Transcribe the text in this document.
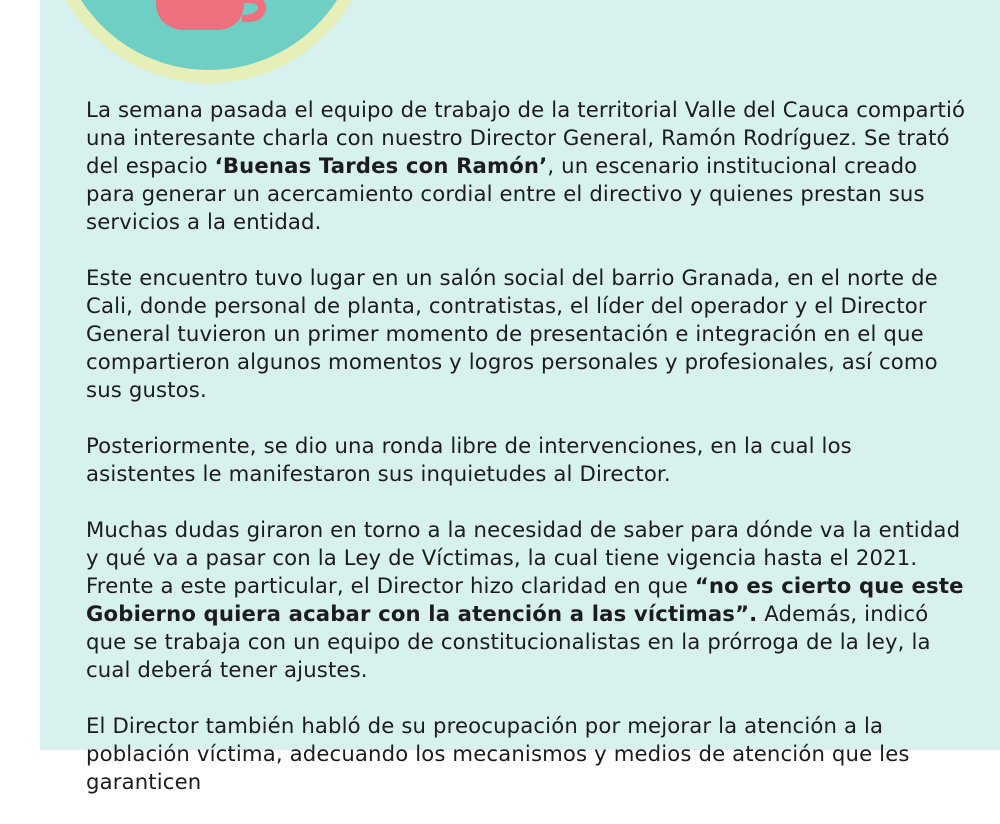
La semana pasada el equipo de trabajo de la territorial Valle del Cauca compartió una interesante charla con nuestro Director General, Ramón Rodríguez. Se trató del espacio ‘Buenas Tardes con Ramón’, un escenario institucional creado para generar un acercamiento cordial entre el directivo y quienes prestan sus servicios a la entidad.

Este encuentro tuvo lugar en un salón social del barrio Granada, en el norte de Cali, donde personal de planta, contratistas, el líder del operador y el Director General tuvieron un primer momento de presentación e integración en el que compartieron algunos momentos y logros personales y profesionales, así como sus gustos.

Posteriormente, se dio una ronda libre de intervenciones, en la cual los asistentes le manifestaron sus inquietudes al Director.

Muchas dudas giraron en torno a la necesidad de saber para dónde va la entidad y qué va a pasar con la Ley de Víctimas, la cual tiene vigencia hasta el 2021. Frente a este particular, el Director hizo claridad en que “no es cierto que este Gobierno quiera acabar con la atención a las víctimas”. Además, indicó que se trabaja con un equipo de constitucionalistas en la prórroga de la ley, la cual deberá tener ajustes.

El Director también habló de su preocupación por mejorar la atención a la población víctima, adecuando los mecanismos y medios de atención que les garanticen
